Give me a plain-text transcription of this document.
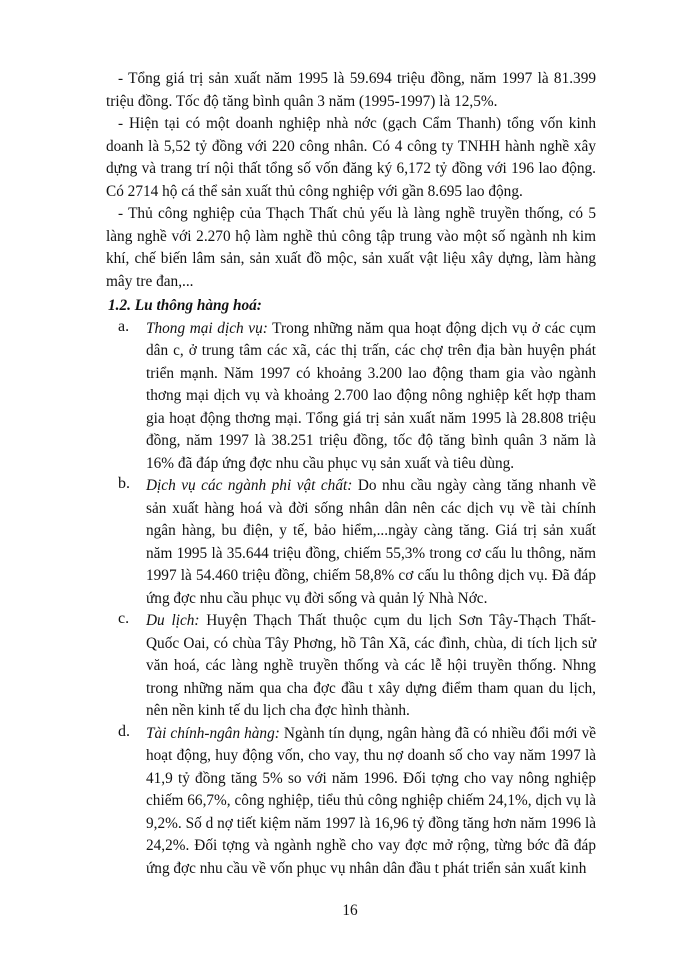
- Tổng giá trị sản xuất năm 1995 là 59.694 triệu đồng, năm 1997 là 81.399 triệu đồng. Tốc độ tăng bình quân 3 năm (1995-1997) là 12,5%.

- Hiện tại có một doanh nghiệp nhà nớc (gạch Cẩm Thanh) tổng vốn kinh doanh là 5,52 tỷ đồng với 220 công nhân. Có 4 công ty TNHH hành nghề xây dựng và trang trí nội thất tổng số vốn đăng ký 6,172 tỷ đồng với 196 lao động. Có 2714 hộ cá thể sản xuất thủ công nghiệp với gần 8.695 lao động.

- Thủ công nghiệp của Thạch Thất chủ yếu là làng nghề truyền thống, có 5 làng nghề với 2.270 hộ làm nghề thủ công tập trung vào một số ngành nh kim khí, chế biến lâm sản, sản xuất đồ mộc, sản xuất vật liệu xây dựng, làm hàng mây tre đan,...

1.2. Lu thông hàng hoá:

a.	Thong mại dịch vụ: Trong những năm qua hoạt động dịch vụ ở các cụm dân c, ở trung tâm các xã, các thị trấn, các chợ trên địa bàn huyện phát triển mạnh. Năm 1997 có khoảng 3.200 lao động tham gia vào ngành thơng mại dịch vụ và khoảng 2.700 lao động nông nghiệp kết hợp tham gia hoạt động thơng mại. Tổng giá trị sản xuất năm 1995 là 28.808 triệu đồng, năm 1997 là 38.251 triệu đồng, tốc độ tăng bình quân 3 năm là 16% đã đáp ứng đợc nhu cầu phục vụ sản xuất và tiêu dùng.

b.	Dịch vụ các ngành phi vật chất: Do nhu cầu ngày càng tăng nhanh về sản xuất hàng hoá và đời sống nhân dân nên các dịch vụ về tài chính ngân hàng, bu điện, y tế, bảo hiểm,...ngày càng tăng. Giá trị sản xuất năm 1995 là 35.644 triệu đồng, chiếm 55,3% trong cơ cấu lu thông, năm 1997 là 54.460 triệu đồng, chiếm 58,8% cơ cấu lu thông dịch vụ. Đã đáp ứng đợc nhu cầu phục vụ đời sống và quản lý Nhà Nớc.

c.	Du lịch: Huyện Thạch Thất thuộc cụm du lịch Sơn Tây-Thạch Thất-Quốc Oai, có chùa Tây Phơng, hồ Tân Xã, các đình, chùa, di tích lịch sử văn hoá, các làng nghề truyền thống và các lễ hội truyền thống. Nhng trong những năm qua cha đợc đầu t xây dựng điểm tham quan du lịch, nên nền kinh tế du lịch cha đợc hình thành.

d.	Tài chính-ngân hàng: Ngành tín dụng, ngân hàng đã có nhiều đổi mới về hoạt động, huy động vốn, cho vay, thu nợ doanh số cho vay năm 1997 là 41,9 tỷ đồng tăng 5% so với năm 1996. Đối tợng cho vay nông nghiệp chiếm 66,7%, công nghiệp, tiểu thủ công nghiệp chiếm 24,1%, dịch vụ là 9,2%. Số d nợ tiết kiệm năm 1997 là 16,96 tỷ đồng tăng hơn năm 1996 là 24,2%. Đối tợng và ngành nghề cho vay đợc mở rộng, từng bớc đã đáp ứng đợc nhu cầu về vốn phục vụ nhân dân đầu t phát triển sản xuất kinh

16
